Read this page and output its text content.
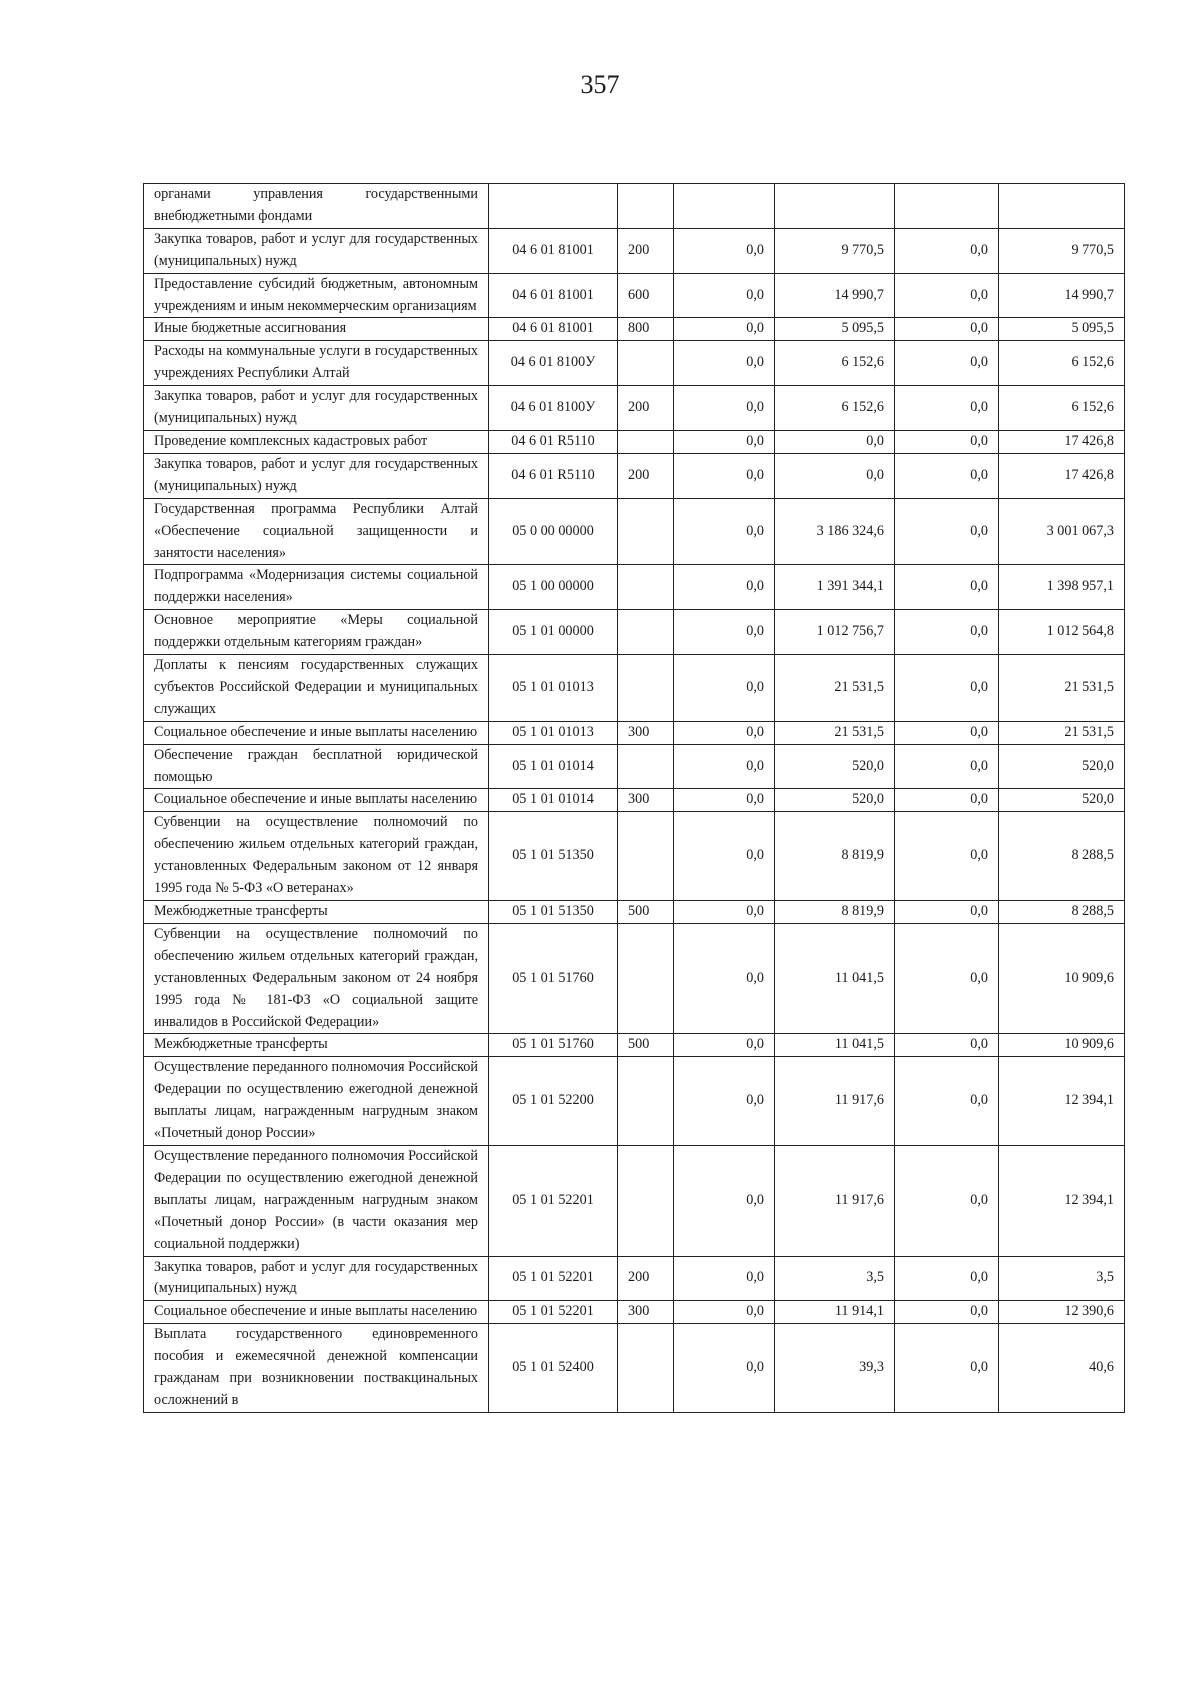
357
органами управления государственными внебюджетными фондами						
Закупка товаров, работ и услуг для государственных (муниципальных) нужд	04 6 01 81001	200	0,0	9 770,5	0,0	9 770,5
Предоставление субсидий бюджетным, автономным учреждениям и иным некоммерческим организациям	04 6 01 81001	600	0,0	14 990,7	0,0	14 990,7
Иные бюджетные ассигнования	04 6 01 81001	800	0,0	5 095,5	0,0	5 095,5
Расходы на коммунальные услуги в государственных учреждениях Республики Алтай	04 6 01 8100У		0,0	6 152,6	0,0	6 152,6
Закупка товаров, работ и услуг для государственных (муниципальных) нужд	04 6 01 8100У	200	0,0	6 152,6	0,0	6 152,6
Проведение комплексных кадастровых работ	04 6 01 R5110		0,0	0,0	0,0	17 426,8
Закупка товаров, работ и услуг для государственных (муниципальных) нужд	04 6 01 R5110	200	0,0	0,0	0,0	17 426,8
Государственная программа Республики Алтай «Обеспечение социальной защищенности и занятости населения»	05 0 00 00000		0,0	3 186 324,6	0,0	3 001 067,3
Подпрограмма «Модернизация системы социальной поддержки населения»	05 1 00 00000		0,0	1 391 344,1	0,0	1 398 957,1
Основное мероприятие «Меры социальной поддержки отдельным категориям граждан»	05 1 01 00000		0,0	1 012 756,7	0,0	1 012 564,8
Доплаты к пенсиям государственных служащих субъектов Российской Федерации и муниципальных служащих	05 1 01 01013		0,0	21 531,5	0,0	21 531,5
Социальное обеспечение и иные выплаты населению	05 1 01 01013	300	0,0	21 531,5	0,0	21 531,5
Обеспечение граждан бесплатной юридической помощью	05 1 01 01014		0,0	520,0	0,0	520,0
Социальное обеспечение и иные выплаты населению	05 1 01 01014	300	0,0	520,0	0,0	520,0
Субвенции на осуществление полномочий по обеспечению жильем отдельных категорий граждан, установленных Федеральным законом от 12 января 1995 года № 5-ФЗ «О ветеранах»	05 1 01 51350		0,0	8 819,9	0,0	8 288,5
Межбюджетные трансферты	05 1 01 51350	500	0,0	8 819,9	0,0	8 288,5
Субвенции на осуществление полномочий по обеспечению жильем отдельных категорий граждан, установленных Федеральным законом от 24 ноября 1995 года № 181-ФЗ «О социальной защите инвалидов в Российской Федерации»	05 1 01 51760		0,0	11 041,5	0,0	10 909,6
Межбюджетные трансферты	05 1 01 51760	500	0,0	11 041,5	0,0	10 909,6
Осуществление переданного полномочия Российской Федерации по осуществлению ежегодной денежной выплаты лицам, награжденным нагрудным знаком «Почетный донор России»	05 1 01 52200		0,0	11 917,6	0,0	12 394,1
Осуществление переданного полномочия Российской Федерации по осуществлению ежегодной денежной выплаты лицам, награжденным нагрудным знаком «Почетный донор России» (в части оказания мер социальной поддержки)	05 1 01 52201		0,0	11 917,6	0,0	12 394,1
Закупка товаров, работ и услуг для государственных (муниципальных) нужд	05 1 01 52201	200	0,0	3,5	0,0	3,5
Социальное обеспечение и иные выплаты населению	05 1 01 52201	300	0,0	11 914,1	0,0	12 390,6
Выплата государственного единовременного пособия и ежемесячной денежной компенсации гражданам при возникновении поствакцинальных осложнений в	05 1 01 52400		0,0	39,3	0,0	40,6
